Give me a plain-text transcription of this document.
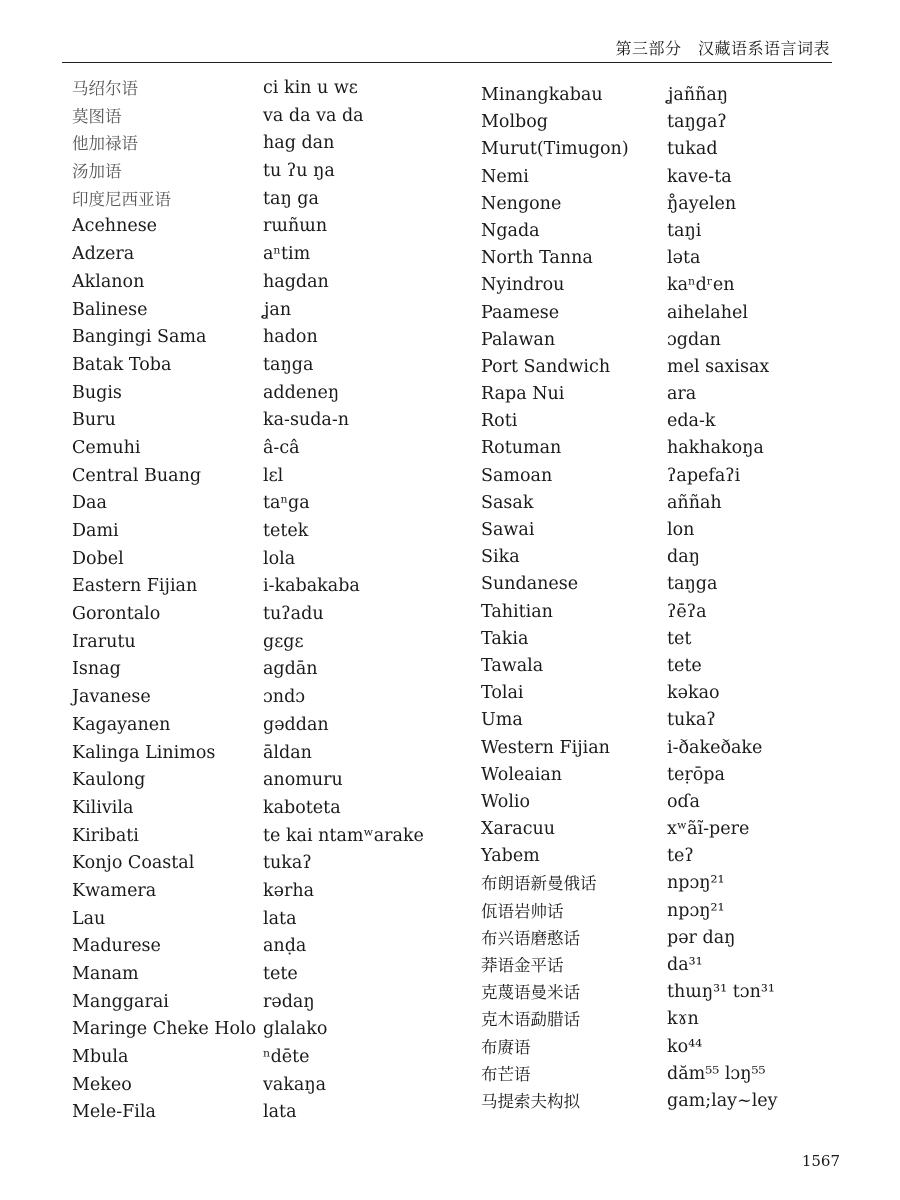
第三部分　汉藏语系语言词表
马绍尔语
莫图语
他加禄语
汤加语
印度尼西亚语
Acehnese
Adzera
Aklanon
Balinese
Bangingi Sama
Batak Toba
Bugis
Buru
Cemuhi
Central Buang
Daa
Dami
Dobel
Eastern Fijian
Gorontalo
Irarutu
Isnag
Javanese
Kagayanen
Kalinga Linimos
Kaulong
Kilivila
Kiribati
Konjo Coastal
Kwamera
Lau
Madurese
Manam
Manggarai
Maringe Cheke Holo
Mbula
Mekeo
Mele-Fila
ci kin u wɛ
va da va da
hag dan
tu ʔu ŋa
taŋ ga
rɯñɯn
aⁿtim
hagdan
ʝan
hadon
taŋga
addeneŋ
ka-suda-n
â-câ
lɛl
taⁿga
tetek
lola
i-kabakaba
tuʔadu
gɛgɛ
agdān
ɔndɔ
gəddan
āldan
anomuru
kaboteta
te kai ntamʷarake
tukaʔ
kərha
lata
anḍa
tete
rədaŋ
glalako
ⁿdēte
vakaŋa
lata
Minangkabau
Molbog
Murut(Timugon)
Nemi
Nengone
Ngada
North Tanna
Nyindrou
Paamese
Palawan
Port Sandwich
Rapa Nui
Roti
Rotuman
Samoan
Sasak
Sawai
Sika
Sundanese
Tahitian
Takia
Tawala
Tolai
Uma
Western Fijian
Woleaian
Wolio
Xaracuu
Yabem
布朗语新曼俄话
佤语岩帅话
布兴语磨憨话
莽语金平话
克蔑语曼米话
克木语勐腊话
布赓语
布芒语
马提索夫构拟
ʝaññaŋ
taŋgaʔ
tukad
kave-ta
ŋ̊ayelen
taŋi
ləta
kaⁿdʳen
aihelahel
ɔgdan
mel saxisax
ara
eda-k
hakhakoŋa
ʔapefaʔi
aññah
lon
daŋ
taŋga
ʔēʔa
tet
tete
kəkao
tukaʔ
i-ðakeðake
teṛōpa
oɗa
xʷãĩ-pere
teʔ
npɔŋ²¹
npɔŋ²¹
pər daŋ
da³¹
thɯŋ³¹ tɔn³¹
kɤn
ko⁴⁴
dăm⁵⁵ lɔŋ⁵⁵
gam;lay~ley
1567
